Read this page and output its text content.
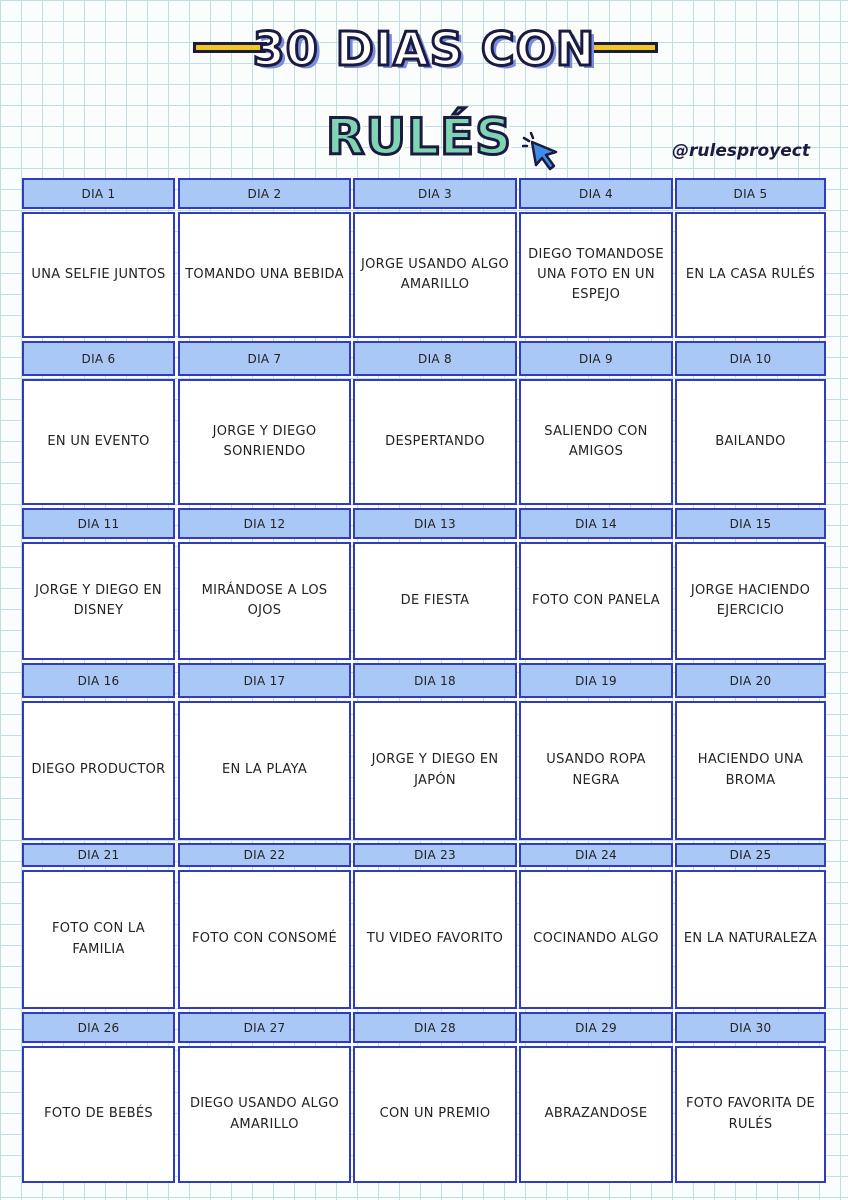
30 DIAS CON
RULÉS	@rulesproyect
DIA 1
UNA SELFIE JUNTOS
DIA 2
TOMANDO UNA BEBIDA
DIA 3
JORGE USANDO ALGO AMARILLO
DIA 4
DIEGO TOMANDOSE UNA FOTO EN UN ESPEJO
DIA 5
EN LA CASA RULÉS
DIA 6
EN UN EVENTO
DIA 7
JORGE Y DIEGO SONRIENDO
DIA 8
DESPERTANDO
DIA 9
SALIENDO CON AMIGOS
DIA 10
BAILANDO
DIA 11
JORGE Y DIEGO EN DISNEY
DIA 12
MIRÁNDOSE A LOS OJOS
DIA 13
DE FIESTA
DIA 14
FOTO CON PANELA
DIA 15
JORGE HACIENDO EJERCICIO
DIA 16
DIEGO PRODUCTOR
DIA 17
EN LA PLAYA
DIA 18
JORGE Y DIEGO EN JAPÓN
DIA 19
USANDO ROPA NEGRA
DIA 20
HACIENDO UNA BROMA
DIA 21
FOTO CON LA FAMILIA
DIA 22
FOTO CON CONSOMÉ
DIA 23
TU VIDEO FAVORITO
DIA 24
COCINANDO ALGO
DIA 25
EN LA NATURALEZA
DIA 26
FOTO DE BEBÉS
DIA 27
DIEGO USANDO ALGO AMARILLO
DIA 28
CON UN PREMIO
DIA 29
ABRAZANDOSE
DIA 30
FOTO FAVORITA DE RULÉS
